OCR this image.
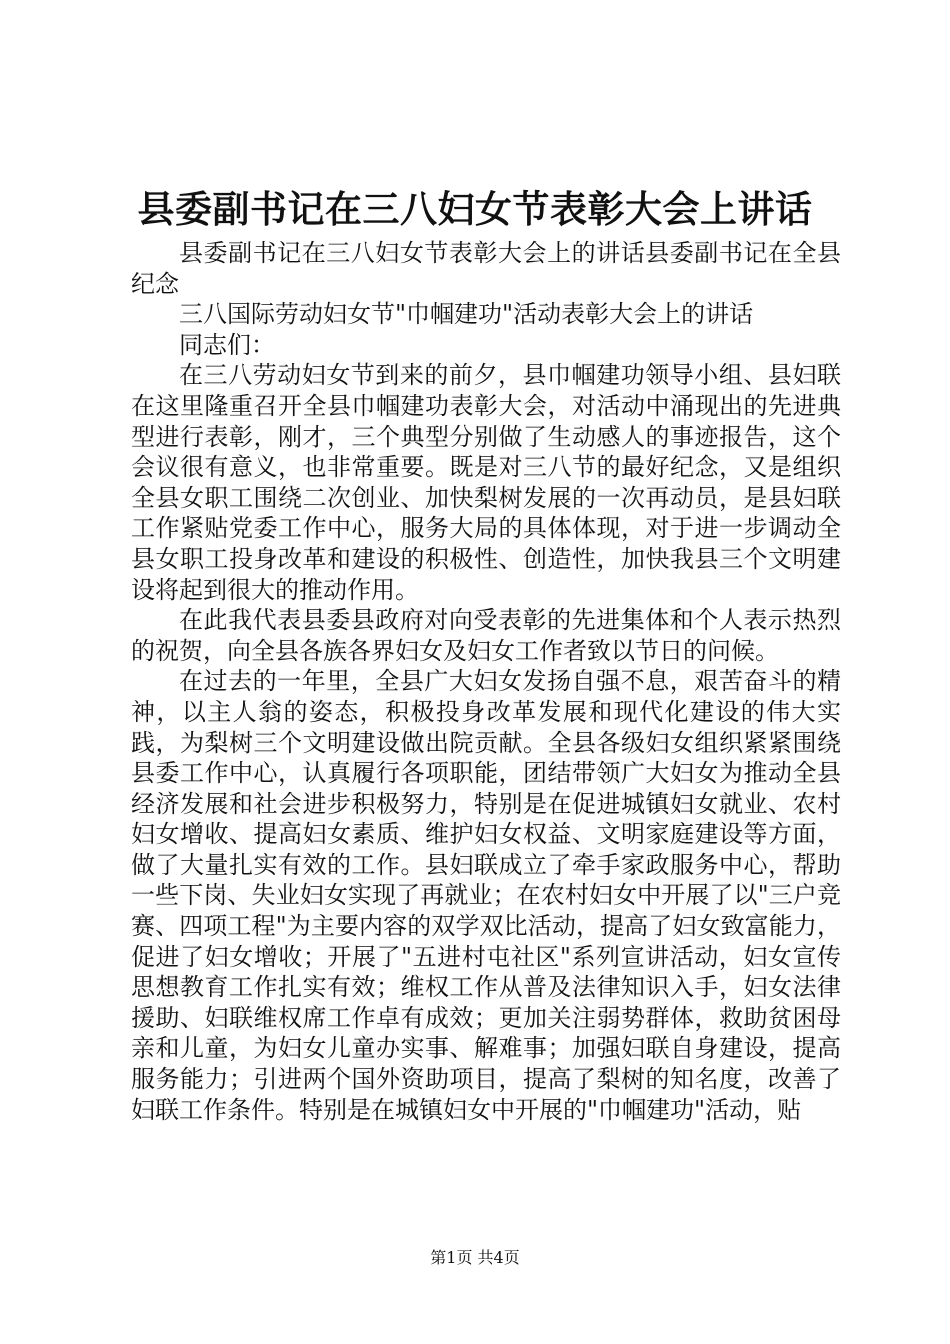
县委副书记在三八妇女节表彰大会上讲话

县委副书记在三八妇女节表彰大会上的讲话县委副书记在全县纪念

三八国际劳动妇女节"巾帼建功"活动表彰大会上的讲话

同志们：

在三八劳动妇女节到来的前夕，县巾帼建功领导小组、县妇联在这里隆重召开全县巾帼建功表彰大会，对活动中涌现出的先进典型进行表彰，刚才，三个典型分别做了生动感人的事迹报告，这个会议很有意义，也非常重要。既是对三八节的最好纪念，又是组织全县女职工围绕二次创业、加快梨树发展的一次再动员，是县妇联工作紧贴党委工作中心，服务大局的具体体现，对于进一步调动全县女职工投身改革和建设的积极性、创造性，加快我县三个文明建设将起到很大的推动作用。

在此我代表县委县政府对向受表彰的先进集体和个人表示热烈的祝贺，向全县各族各界妇女及妇女工作者致以节日的问候。

在过去的一年里，全县广大妇女发扬自强不息，艰苦奋斗的精神，以主人翁的姿态，积极投身改革发展和现代化建设的伟大实践，为梨树三个文明建设做出院贡献。全县各级妇女组织紧紧围绕县委工作中心，认真履行各项职能，团结带领广大妇女为推动全县经济发展和社会进步积极努力，特别是在促进城镇妇女就业、农村妇女增收、提高妇女素质、维护妇女权益、文明家庭建设等方面，做了大量扎实有效的工作。县妇联成立了牵手家政服务中心，帮助一些下岗、失业妇女实现了再就业；在农村妇女中开展了以"三户竞赛、四项工程"为主要内容的双学双比活动，提高了妇女致富能力，促进了妇女增收；开展了"五进村屯社区"系列宣讲活动，妇女宣传思想教育工作扎实有效；维权工作从普及法律知识入手，妇女法律援助、妇联维权席工作卓有成效；更加关注弱势群体，救助贫困母亲和儿童，为妇女儿童办实事、解难事；加强妇联自身建设，提高服务能力；引进两个国外资助项目，提高了梨树的知名度，改善了妇联工作条件。特别是在城镇妇女中开展的"巾帼建功"活动，贴

第1页 共4页
